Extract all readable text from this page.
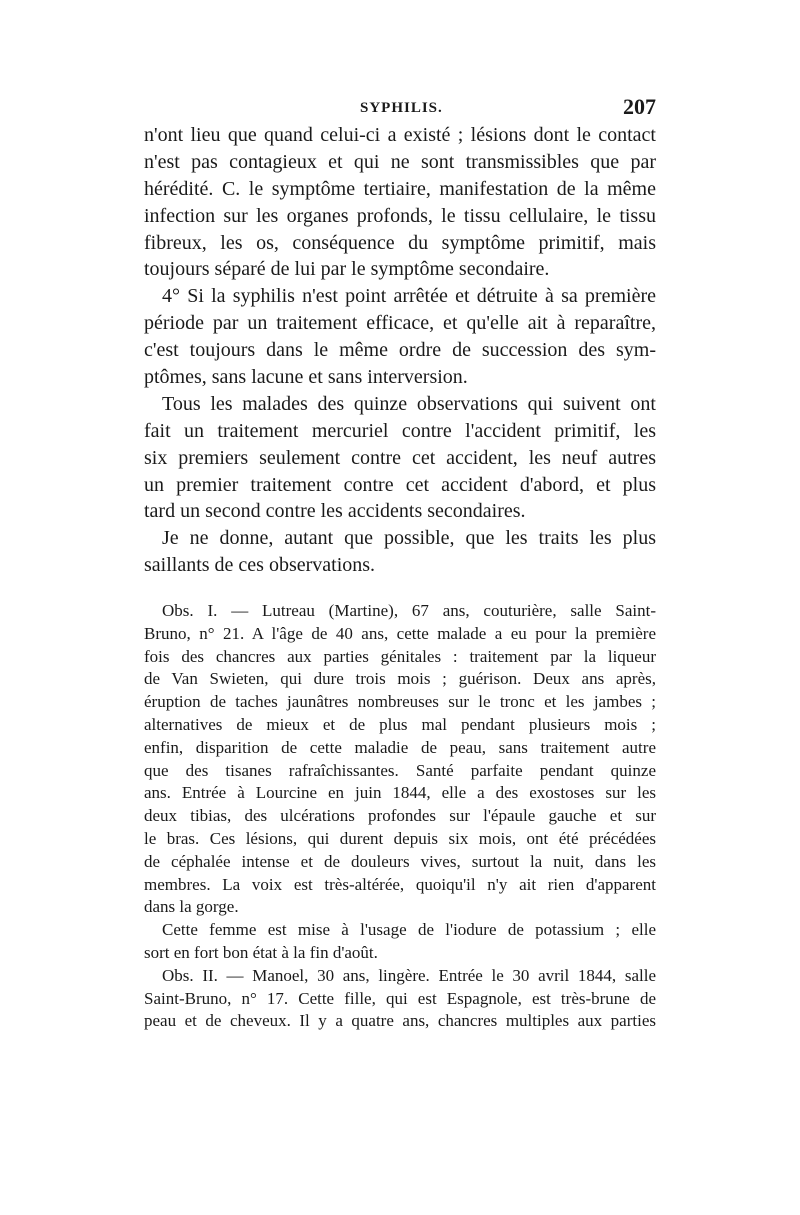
SYPHILIS.	207
n'ont lieu que quand celui-ci a existé ; lésions dont le contact
n'est pas contagieux et qui ne sont transmissibles que par
hérédité. C. le symptôme tertiaire, manifestation de la même
infection sur les organes profonds, le tissu cellulaire, le tissu
fibreux, les os, conséquence du symptôme primitif, mais
toujours séparé de lui par le symptôme secondaire.
4° Si la syphilis n'est point arrêtée et détruite à sa première
période par un traitement efficace, et qu'elle ait à reparaître,
c'est toujours dans le même ordre de succession des sym-
ptômes, sans lacune et sans interversion.
Tous les malades des quinze observations qui suivent ont
fait un traitement mercuriel contre l'accident primitif, les
six premiers seulement contre cet accident, les neuf autres
un premier traitement contre cet accident d'abord, et plus
tard un second contre les accidents secondaires.
Je ne donne, autant que possible, que les traits les plus
saillants de ces observations.
Obs. I. — Lutreau (Martine), 67 ans, couturière, salle Saint-
Bruno, n° 21. A l'âge de 40 ans, cette malade a eu pour la première
fois des chancres aux parties génitales : traitement par la liqueur
de Van Swieten, qui dure trois mois ; guérison. Deux ans après,
éruption de taches jaunâtres nombreuses sur le tronc et les jambes ;
alternatives de mieux et de plus mal pendant plusieurs mois ;
enfin, disparition de cette maladie de peau, sans traitement autre
que des tisanes rafraîchissantes. Santé parfaite pendant quinze
ans. Entrée à Lourcine en juin 1844, elle a des exostoses sur les
deux tibias, des ulcérations profondes sur l'épaule gauche et sur
le bras. Ces lésions, qui durent depuis six mois, ont été précédées
de céphalée intense et de douleurs vives, surtout la nuit, dans les
membres. La voix est très-altérée, quoiqu'il n'y ait rien d'apparent
dans la gorge.
Cette femme est mise à l'usage de l'iodure de potassium ; elle
sort en fort bon état à la fin d'août.
Obs. II. — Manoel, 30 ans, lingère. Entrée le 30 avril 1844, salle
Saint-Bruno, n° 17. Cette fille, qui est Espagnole, est très-brune de
peau et de cheveux. Il y a quatre ans, chancres multiples aux parties
